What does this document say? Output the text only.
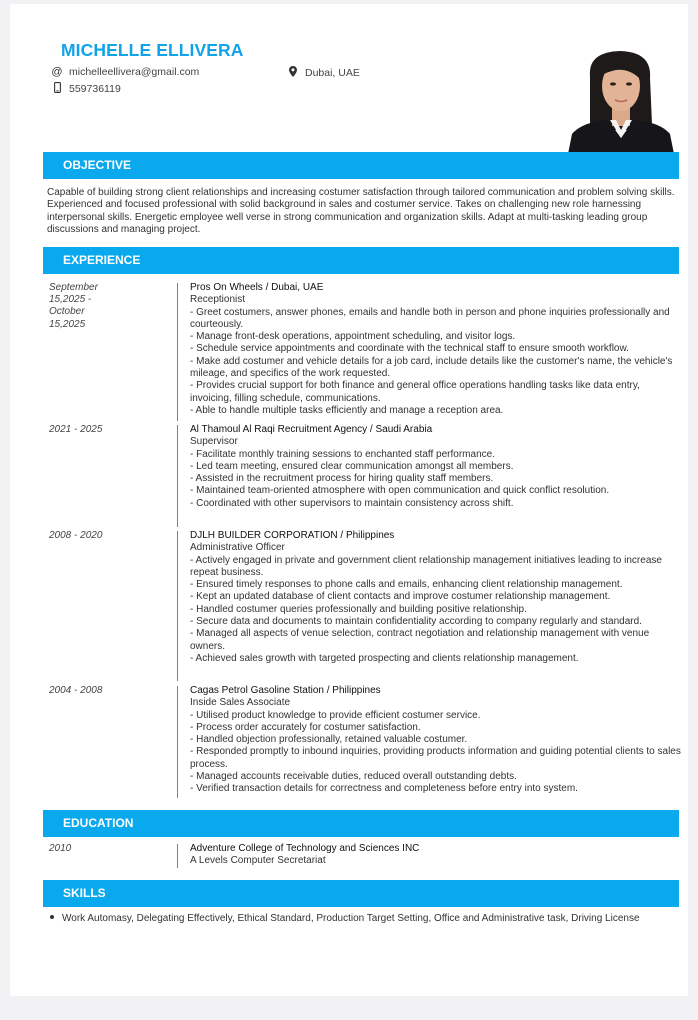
MICHELLE ELLIVERA
@ michelleellivera@gmail.com	Dubai, UAE
559736119
OBJECTIVE
Capable of building strong client relationships and increasing costumer satisfaction through tailored communication and problem solving skills. Experienced and focused professional with solid background in sales and costumer service. Takes on challenging new role harnessing interpersonal skills. Energetic employee well verse in strong communication and organization skills. Adapt at multi-tasking leading group discussions and managing project.
EXPERIENCE
September 15,2025 - October 15,2025
Pros On Wheels / Dubai, UAE
Receptionist
- Greet costumers, answer phones, emails and handle both in person and phone inquiries professionally and courteously.
- Manage front-desk operations, appointment scheduling, and visitor logs.
- Schedule service appointments and coordinate with the technical staff to ensure smooth workflow.
- Make add costumer and vehicle details for a job card, include details like the customer's name, the vehicle's mileage, and specifics of the work requested.
- Provides crucial support for both finance and general office operations handling tasks like data entry, invoicing, filling schedule, communications.
- Able to handle multiple tasks efficiently and manage a reception area.
2021 - 2025	Al Thamoul Al Raqi Recruitment Agency / Saudi Arabia
Supervisor
- Facilitate monthly training sessions to enchanted staff performance.
- Led team meeting, ensured clear communication amongst all members.
- Assisted in the recruitment process for hiring quality staff members.
- Maintained team-oriented atmosphere with open communication and quick conflict resolution.
- Coordinated with other supervisors to maintain consistency across shift.
2008 - 2020	DJLH BUILDER CORPORATION / Philippines
Administrative Officer
- Actively engaged in private and government client relationship management initiatives leading to increase repeat business.
- Ensured timely responses to phone calls and emails, enhancing client relationship management.
- Kept an updated database of client contacts and improve costumer relationship management.
- Handled costumer queries professionally and building positive relationship.
- Secure data and documents to maintain confidentiality according to company regularly and standard.
- Managed all aspects of venue selection, contract negotiation and relationship management with venue owners.
- Achieved sales growth with targeted prospecting and clients relationship management.
2004 - 2008	Cagas Petrol Gasoline Station / Philippines
Inside Sales Associate
- Utilised product knowledge to provide efficient costumer service.
- Process order accurately for costumer satisfaction.
- Handled objection professionally, retained valuable costumer.
- Responded promptly to inbound inquiries, providing products information and guiding potential clients to sales process.
- Managed accounts receivable duties, reduced overall outstanding debts.
- Verified transaction details for correctness and completeness before entry into system.
EDUCATION
2010	Adventure College of Technology and Sciences INC
A Levels Computer Secretariat
SKILLS
Work Automasy, Delegating Effectively, Ethical Standard, Production Target Setting, Office and Administrative task, Driving License
